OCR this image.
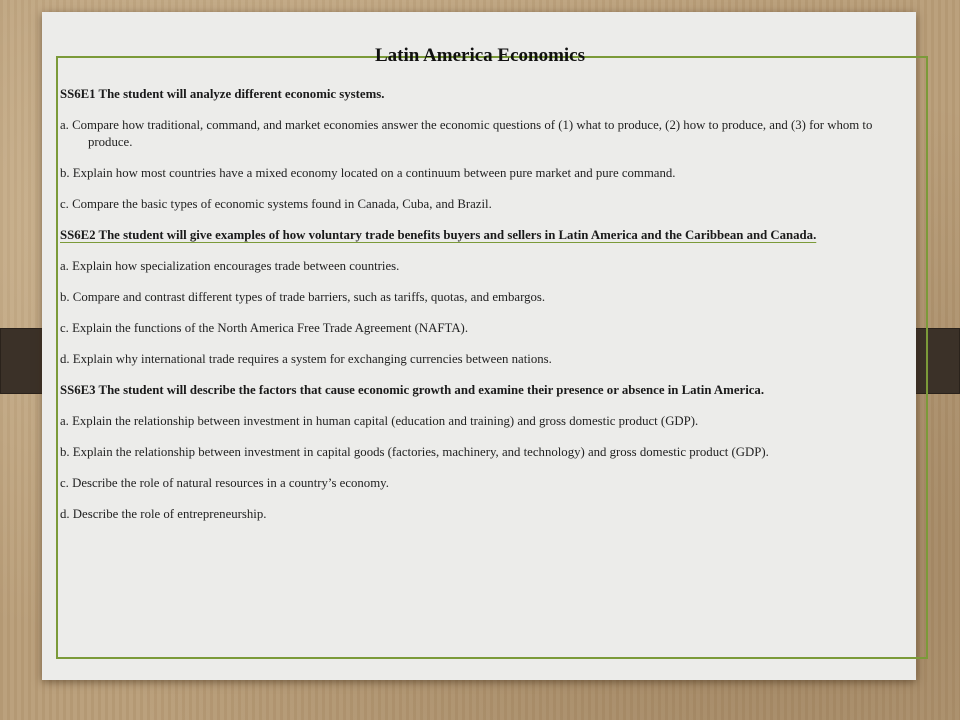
Latin America Economics

SS6E1 The student will analyze different economic systems.

a. Compare how traditional, command, and market economies answer the economic questions of (1) what to produce, (2) how to produce, and (3) for whom to produce.

b. Explain how most countries have a mixed economy located on a continuum between pure market and pure command.

c. Compare the basic types of economic systems found in Canada, Cuba, and Brazil.

SS6E2 The student will give examples of how voluntary trade benefits buyers and sellers in Latin America and the Caribbean and Canada.

a. Explain how specialization encourages trade between countries.

b. Compare and contrast different types of trade barriers, such as tariffs, quotas, and embargos.

c. Explain the functions of the North America Free Trade Agreement (NAFTA).

d. Explain why international trade requires a system for exchanging currencies between nations.

SS6E3 The student will describe the factors that cause economic growth and examine their presence or absence in Latin America.

a. Explain the relationship between investment in human capital (education and training) and gross domestic product (GDP).

b. Explain the relationship between investment in capital goods (factories, machinery, and technology) and gross domestic product (GDP).

c. Describe the role of natural resources in a country’s economy.

d. Describe the role of entrepreneurship.
